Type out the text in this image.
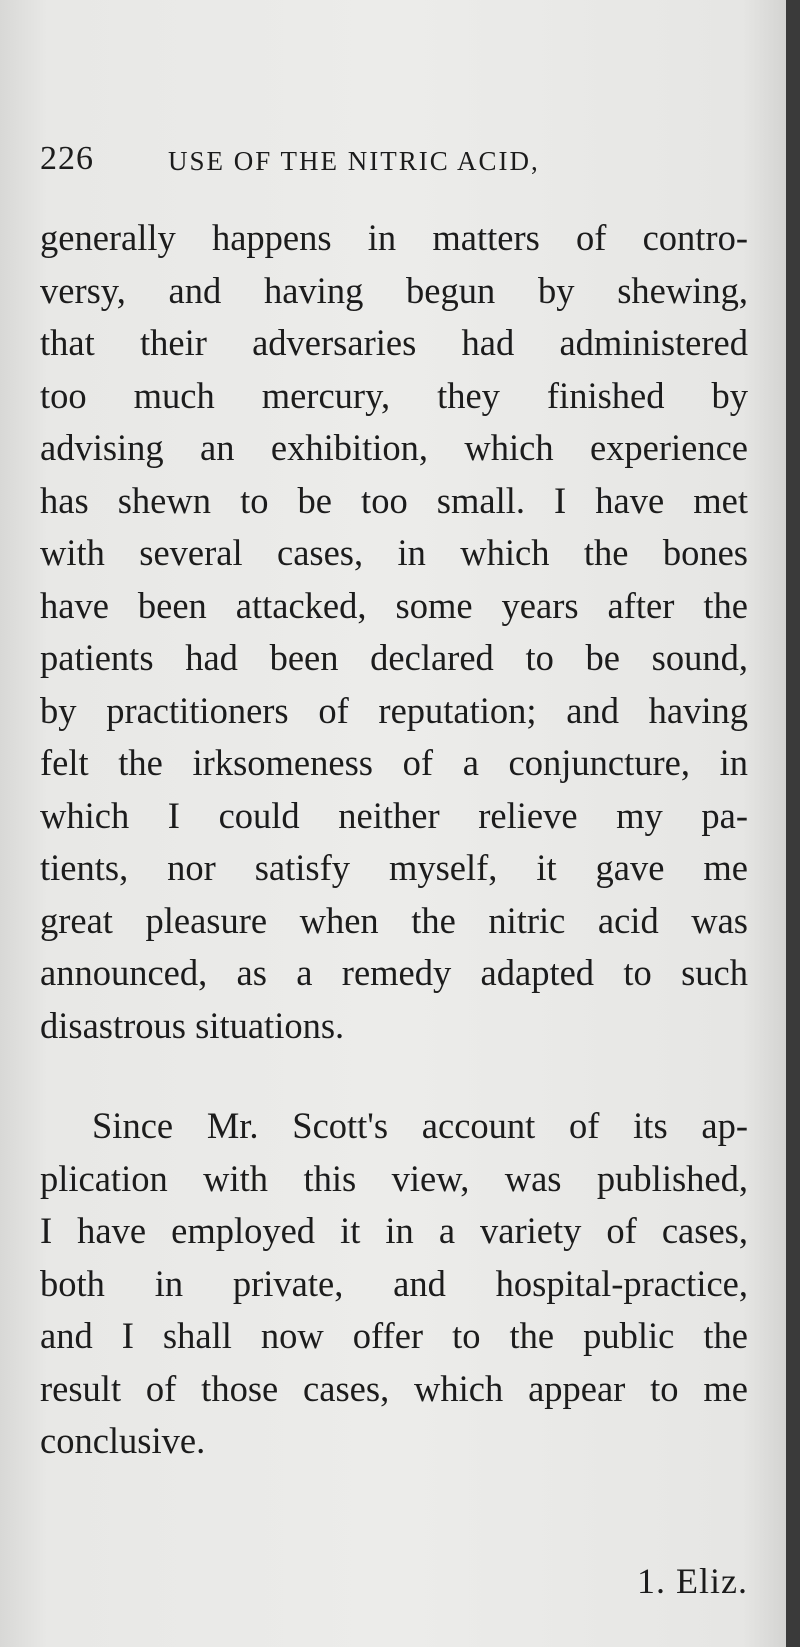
226	USE OF THE NITRIC ACID,
generally happens in matters of contro-
versy, and having begun by shewing,
that their adversaries had administered
too much mercury, they finished by
advising an exhibition, which experience
has shewn to be too small. I have met
with several cases, in which the bones
have been attacked, some years after the
patients had been declared to be sound,
by practitioners of reputation; and having
felt the irksomeness of a conjuncture, in
which I could neither relieve my pa-
tients, nor satisfy myself, it gave me
great pleasure when the nitric acid was
announced, as a remedy adapted to such
disastrous situations.
Since Mr. Scott's account of its ap-
plication with this view, was published,
I have employed it in a variety of cases,
both in private, and hospital-practice,
and I shall now offer to the public the
result of those cases, which appear to me
conclusive.
1. Eliz.
